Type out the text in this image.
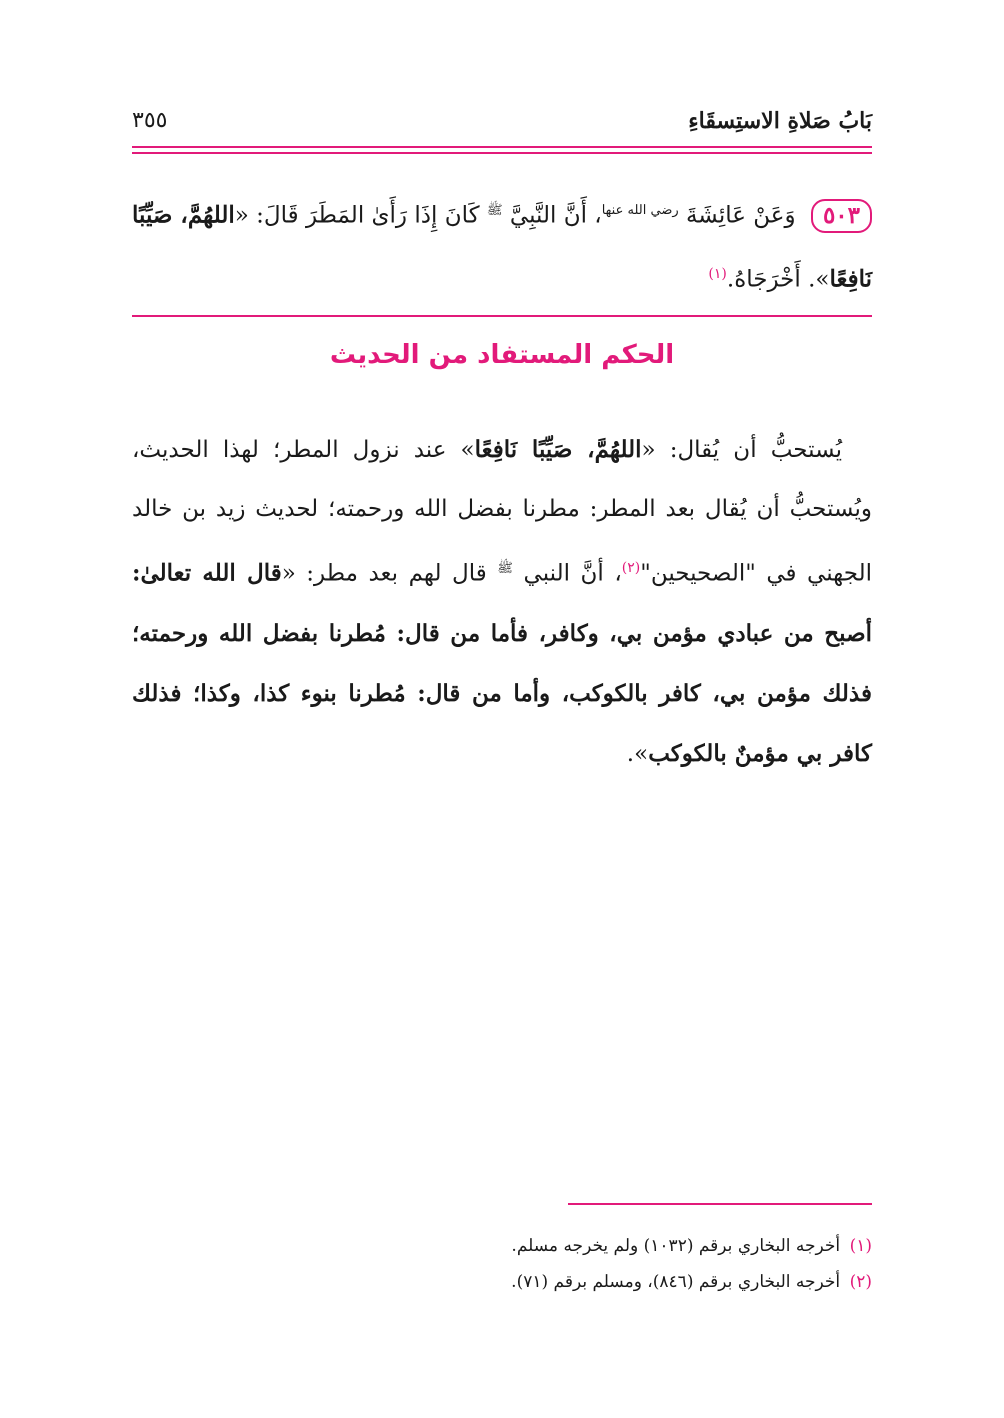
بَابُ صَلاةِ الاستِسقَاءِ
٣٥٥
٥٠٣ وَعَنْ عَائِشَةَ $^{رضي الله عنها}$، أَنَّ النَّبِيَّ $^ﷺ$ كَانَ إِذَا رَأَىٰ المَطَرَ قَالَ: «اللهُمَّ، صَيِّبًا نَافِعًا». أَخْرَجَاهُ.$^{(١)}$
الحكم المستفاد من الحديث
يُستحبُّ أن يُقال: «اللهُمَّ، صَيِّبًا نَافِعًا» عند نزول المطر؛ لهذا الحديث، ويُستحبُّ أن يُقال بعد المطر: مطرنا بفضل الله ورحمته؛ لحديث زيد بن خالد الجهني في "الصحيحين"$^{(٢)}$، أنَّ النبي $^ﷺ$ قال لهم بعد مطر: «قال الله تعالىٰ: أصبح من عبادي مؤمن بي، وكافر، فأما من قال: مُطرنا بفضل الله ورحمته؛ فذلك مؤمن بي، كافر بالكوكب، وأما من قال: مُطرنا بنوء كذا، وكذا؛ فذلك كافر بي مؤمنٌ بالكوكب».
(١) أخرجه البخاري برقم (١٠٣٢) ولم يخرجه مسلم.
(٢) أخرجه البخاري برقم (٨٤٦)، ومسلم برقم (٧١).
